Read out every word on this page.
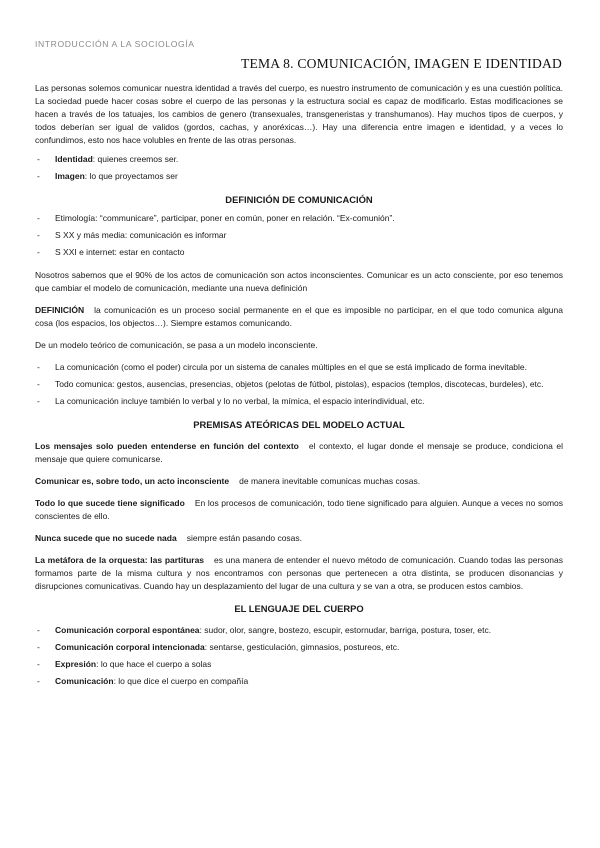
INTRODUCCIÓN A LA SOCIOLOGÍA
TEMA 8. COMUNICACIÓN, IMAGEN E IDENTIDAD

Las personas solemos comunicar nuestra identidad a través del cuerpo, es nuestro instrumento de comunicación y es una cuestión política. La sociedad puede hacer cosas sobre el cuerpo de las personas y la estructura social es capaz de modificarlo. Estas modificaciones se hacen a través de los tatuajes, los cambios de genero (transexuales, transgeneristas y transhumanos). Hay muchos tipos de cuerpos, y todos deberían ser igual de validos (gordos, cachas, y anoréxicas…). Hay una diferencia entre imagen e identidad, y a veces lo confundimos, esto nos hace volubles en frente de las otras personas.

- Identidad: quienes creemos ser.
- Imagen: lo que proyectamos ser
DEFINICIÓN DE COMUNICACIÓN
- Etimología: “communicare”, participar, poner en común, poner en relación. “Ex-comunión”.
- S XX y más media: comunicación es informar
- S XXI e internet: estar en contacto

Nosotros sabemos que el 90% de los actos de comunicación son actos inconscientes. Comunicar es un acto consciente, por eso tenemos que cambiar el modelo de comunicación, mediante una nueva definición

DEFINICIÓN la comunicación es un proceso social permanente en el que es imposible no participar, en el que todo comunica alguna cosa (los espacios, los objectos…). Siempre estamos comunicando.

De un modelo teórico de comunicación, se pasa a un modelo inconsciente.

- La comunicación (como el poder) circula por un sistema de canales múltiples en el que se está implicado de forma inevitable.
- Todo comunica: gestos, ausencias, presencias, objetos (pelotas de fútbol, pistolas), espacios (templos, discotecas, burdeles), etc.
- La comunicación incluye también lo verbal y lo no verbal, la mímica, el espacio interindividual, etc.
PREMISAS ATEÓRICAS DEL MODELO ACTUAL

Los mensajes solo pueden entenderse en función del contexto el contexto, el lugar donde el mensaje se produce, condiciona el mensaje que quiere comunicarse.

Comunicar es, sobre todo, un acto inconsciente de manera inevitable comunicas muchas cosas.

Todo lo que sucede tiene significado En los procesos de comunicación, todo tiene significado para alguien. Aunque a veces no somos conscientes de ello.

Nunca sucede que no sucede nada siempre están pasando cosas.

La metáfora de la orquesta: las partituras es una manera de entender el nuevo método de comunicación. Cuando todas las personas formamos parte de la misma cultura y nos encontramos con personas que pertenecen a otra distinta, se producen disonancias y disrupciones comunicativas. Cuando hay un desplazamiento del lugar de una cultura y se van a otra, se producen estos cambios.

EL LENGUAJE DEL CUERPO
- Comunicación corporal espontánea: sudor, olor, sangre, bostezo, escupir, estornudar, barriga, postura, toser, etc.
- Comunicación corporal intencionada: sentarse, gesticulación, gimnasios, postureos, etc.
- Expresión: lo que hace el cuerpo a solas
- Comunicación: lo que dice el cuerpo en compañía
